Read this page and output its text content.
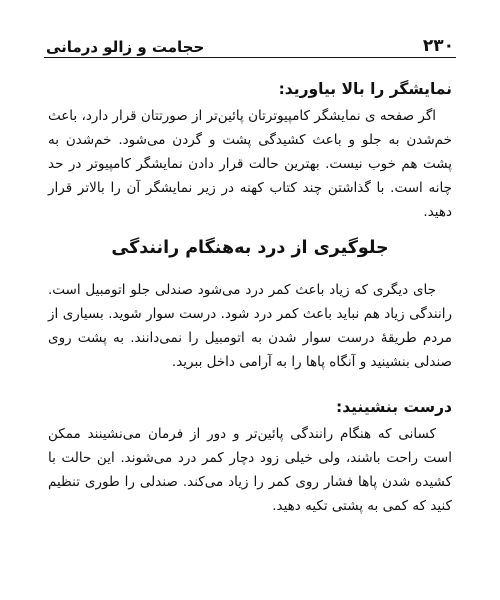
۲۳۰
حجامت و زالو درمانی
نمایشگر را بالا بیاورید:

اگر صفحه ی نمایشگر کامپیوترتان پائین‌تر از صورتتان قرار دارد، باعث خم‌شدن به جلو و باعث کشیدگی پشت و گردن می‌شود. خم‌شدن به پشت هم خوب نیست. بهترین حالت قرار دادن نمایشگر کامپیوتر در حد چانه است. با گذاشتن چند کتاب کهنه در زیر نمایشگر آن را بالاتر قرار دهید.

جلوگیری از درد به‌هنگام رانندگی

جای دیگری که زیاد باعث کمر درد می‌شود صندلی جلو اتومبیل است. رانندگی زیاد هم نباید باعث کمر درد شود. درست سوار شوید. بسیاری از مردم طریقهٔ درست سوار شدن به اتومبیل را نمی‌دانند. به پشت روی صندلی بنشینید و آنگاه پاها را به آرامی داخل ببرید.

درست بنشینید:

کسانی که هنگام رانندگی پائین‌تر و دور از فرمان می‌نشینند ممکن است راحت باشند، ولی خیلی زود دچار کمر درد می‌شوند. این حالت با کشیده شدن پاها فشار روی کمر را زیاد می‌کند. صندلی را طوری تنظیم کنید که کمی به پشتی تکیه دهید.
